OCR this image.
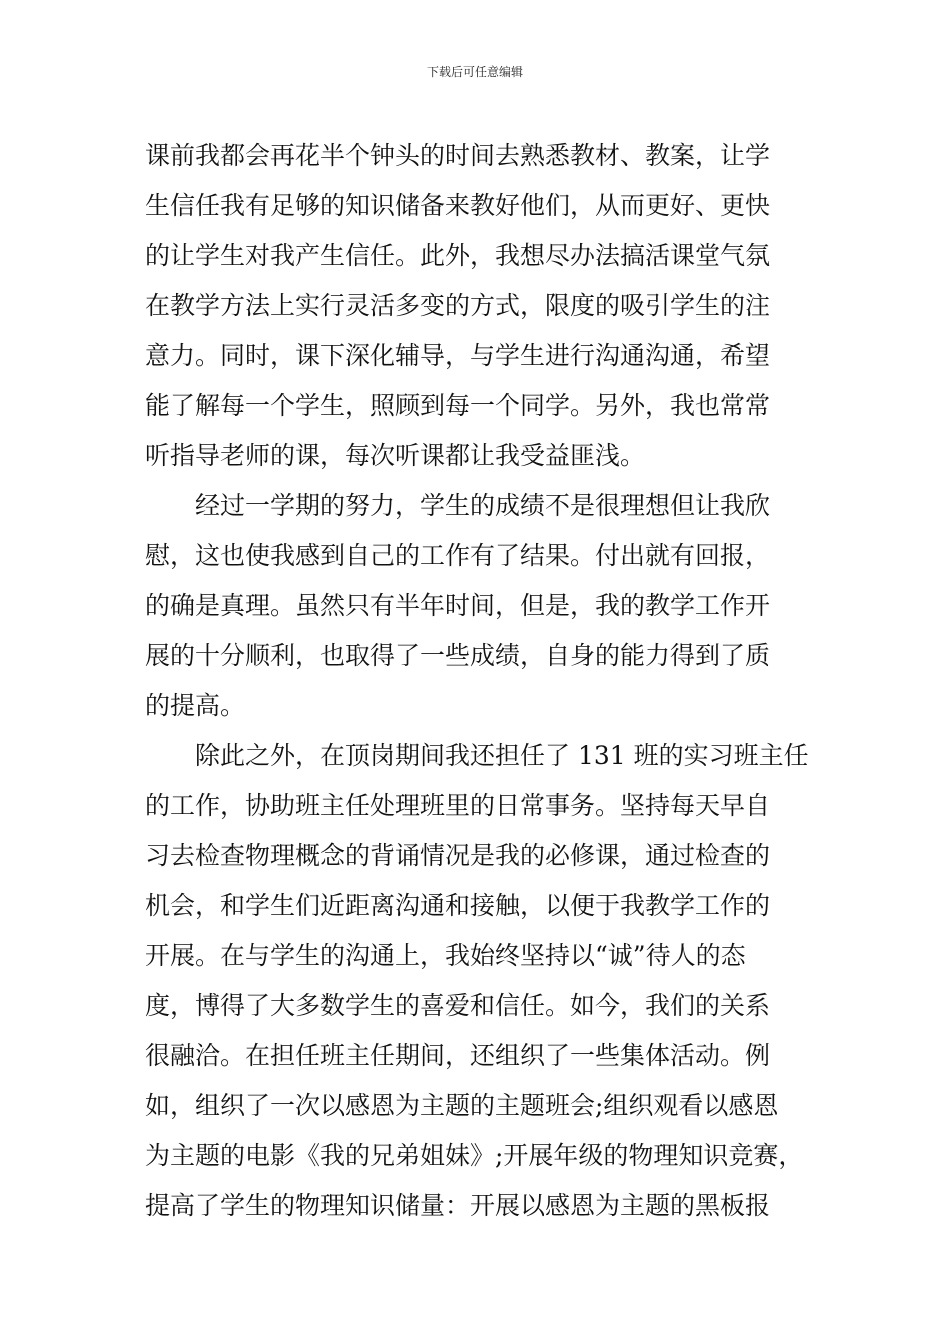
下载后可任意编辑
课前我都会再花半个钟头的时间去熟悉教材、教案，让学
生信任我有足够的知识储备来教好他们，从而更好、更快
的让学生对我产生信任。此外，我想尽办法搞活课堂气氛
在教学方法上实行灵活多变的方式，限度的吸引学生的注
意力。同时，课下深化辅导，与学生进行沟通沟通，希望
能了解每一个学生，照顾到每一个同学。另外，我也常常
听指导老师的课，每次听课都让我受益匪浅。
经过一学期的努力，学生的成绩不是很理想但让我欣
慰，这也使我感到自己的工作有了结果。付出就有回报，
的确是真理。虽然只有半年时间，但是，我的教学工作开
展的十分顺利，也取得了一些成绩，自身的能力得到了质
的提高。
除此之外，在顶岗期间我还担任了 131 班的实习班主任
的工作，协助班主任处理班里的日常事务。坚持每天早自
习去检查物理概念的背诵情况是我的必修课，通过检查的
机会，和学生们近距离沟通和接触，以便于我教学工作的
开展。在与学生的沟通上，我始终坚持以“诚”待人的态
度，博得了大多数学生的喜爱和信任。如今，我们的关系
很融洽。在担任班主任期间，还组织了一些集体活动。例
如，组织了一次以感恩为主题的主题班会;组织观看以感恩
为主题的电影《我的兄弟姐妹》;开展年级的物理知识竞赛，
提高了学生的物理知识储量：开展以感恩为主题的黑板报
